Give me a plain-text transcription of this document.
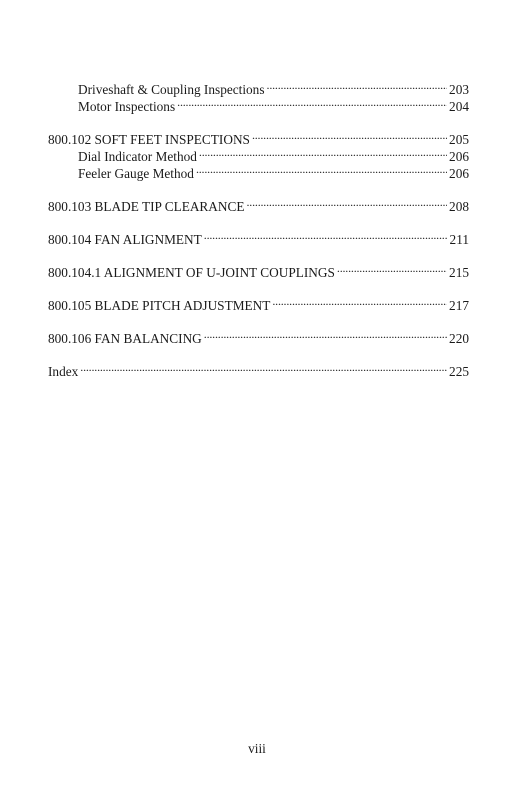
Driveshaft & Coupling Inspections . . .	203
Motor Inspections . . .	204
800.102 SOFT FEET INSPECTIONS . . .	205
Dial Indicator Method . . .	206
Feeler Gauge Method . . .	206
800.103 BLADE TIP CLEARANCE . . .	208
800.104 FAN ALIGNMENT . . .	211
800.104.1 ALIGNMENT OF U-JOINT COUPLINGS . . .	215
800.105 BLADE PITCH ADJUSTMENT . . .	217
800.106 FAN BALANCING . . .	220
Index . . .	225
viii
